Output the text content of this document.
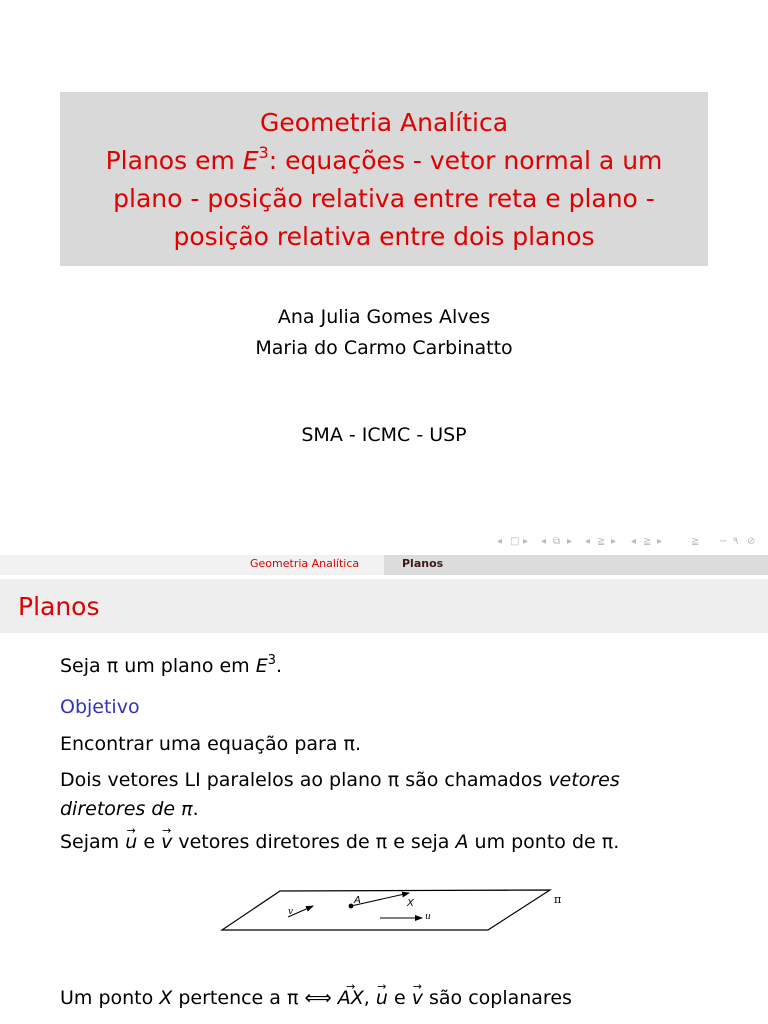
Geometria Analítica
Planos em $E^3$: equações - vetor normal a um
plano - posição relativa entre reta e plano -
posição relativa entre dois planos
Ana Julia Gomes Alves
Maria do Carmo Carbinatto
SMA - ICMC - USP
◂ □ ▸ ◂ ⧉ ▸ ◂ ≧ ▸ ◂ ≧ ▸	≧ ∽ ۹ ⊘
Geometria Analítica	Planos
Planos
Seja π um plano em $E^3$.
Objetivo
Encontrar uma equação para π.
Dois vetores LI paralelos ao plano π são chamados vetores
diretores de π.
Sejam → u e → v vetores diretores de π e seja A um ponto de π.
π
A	X
u
v
Um ponto X pertence a π ⟺ → AX, → u e → v são coplanares
